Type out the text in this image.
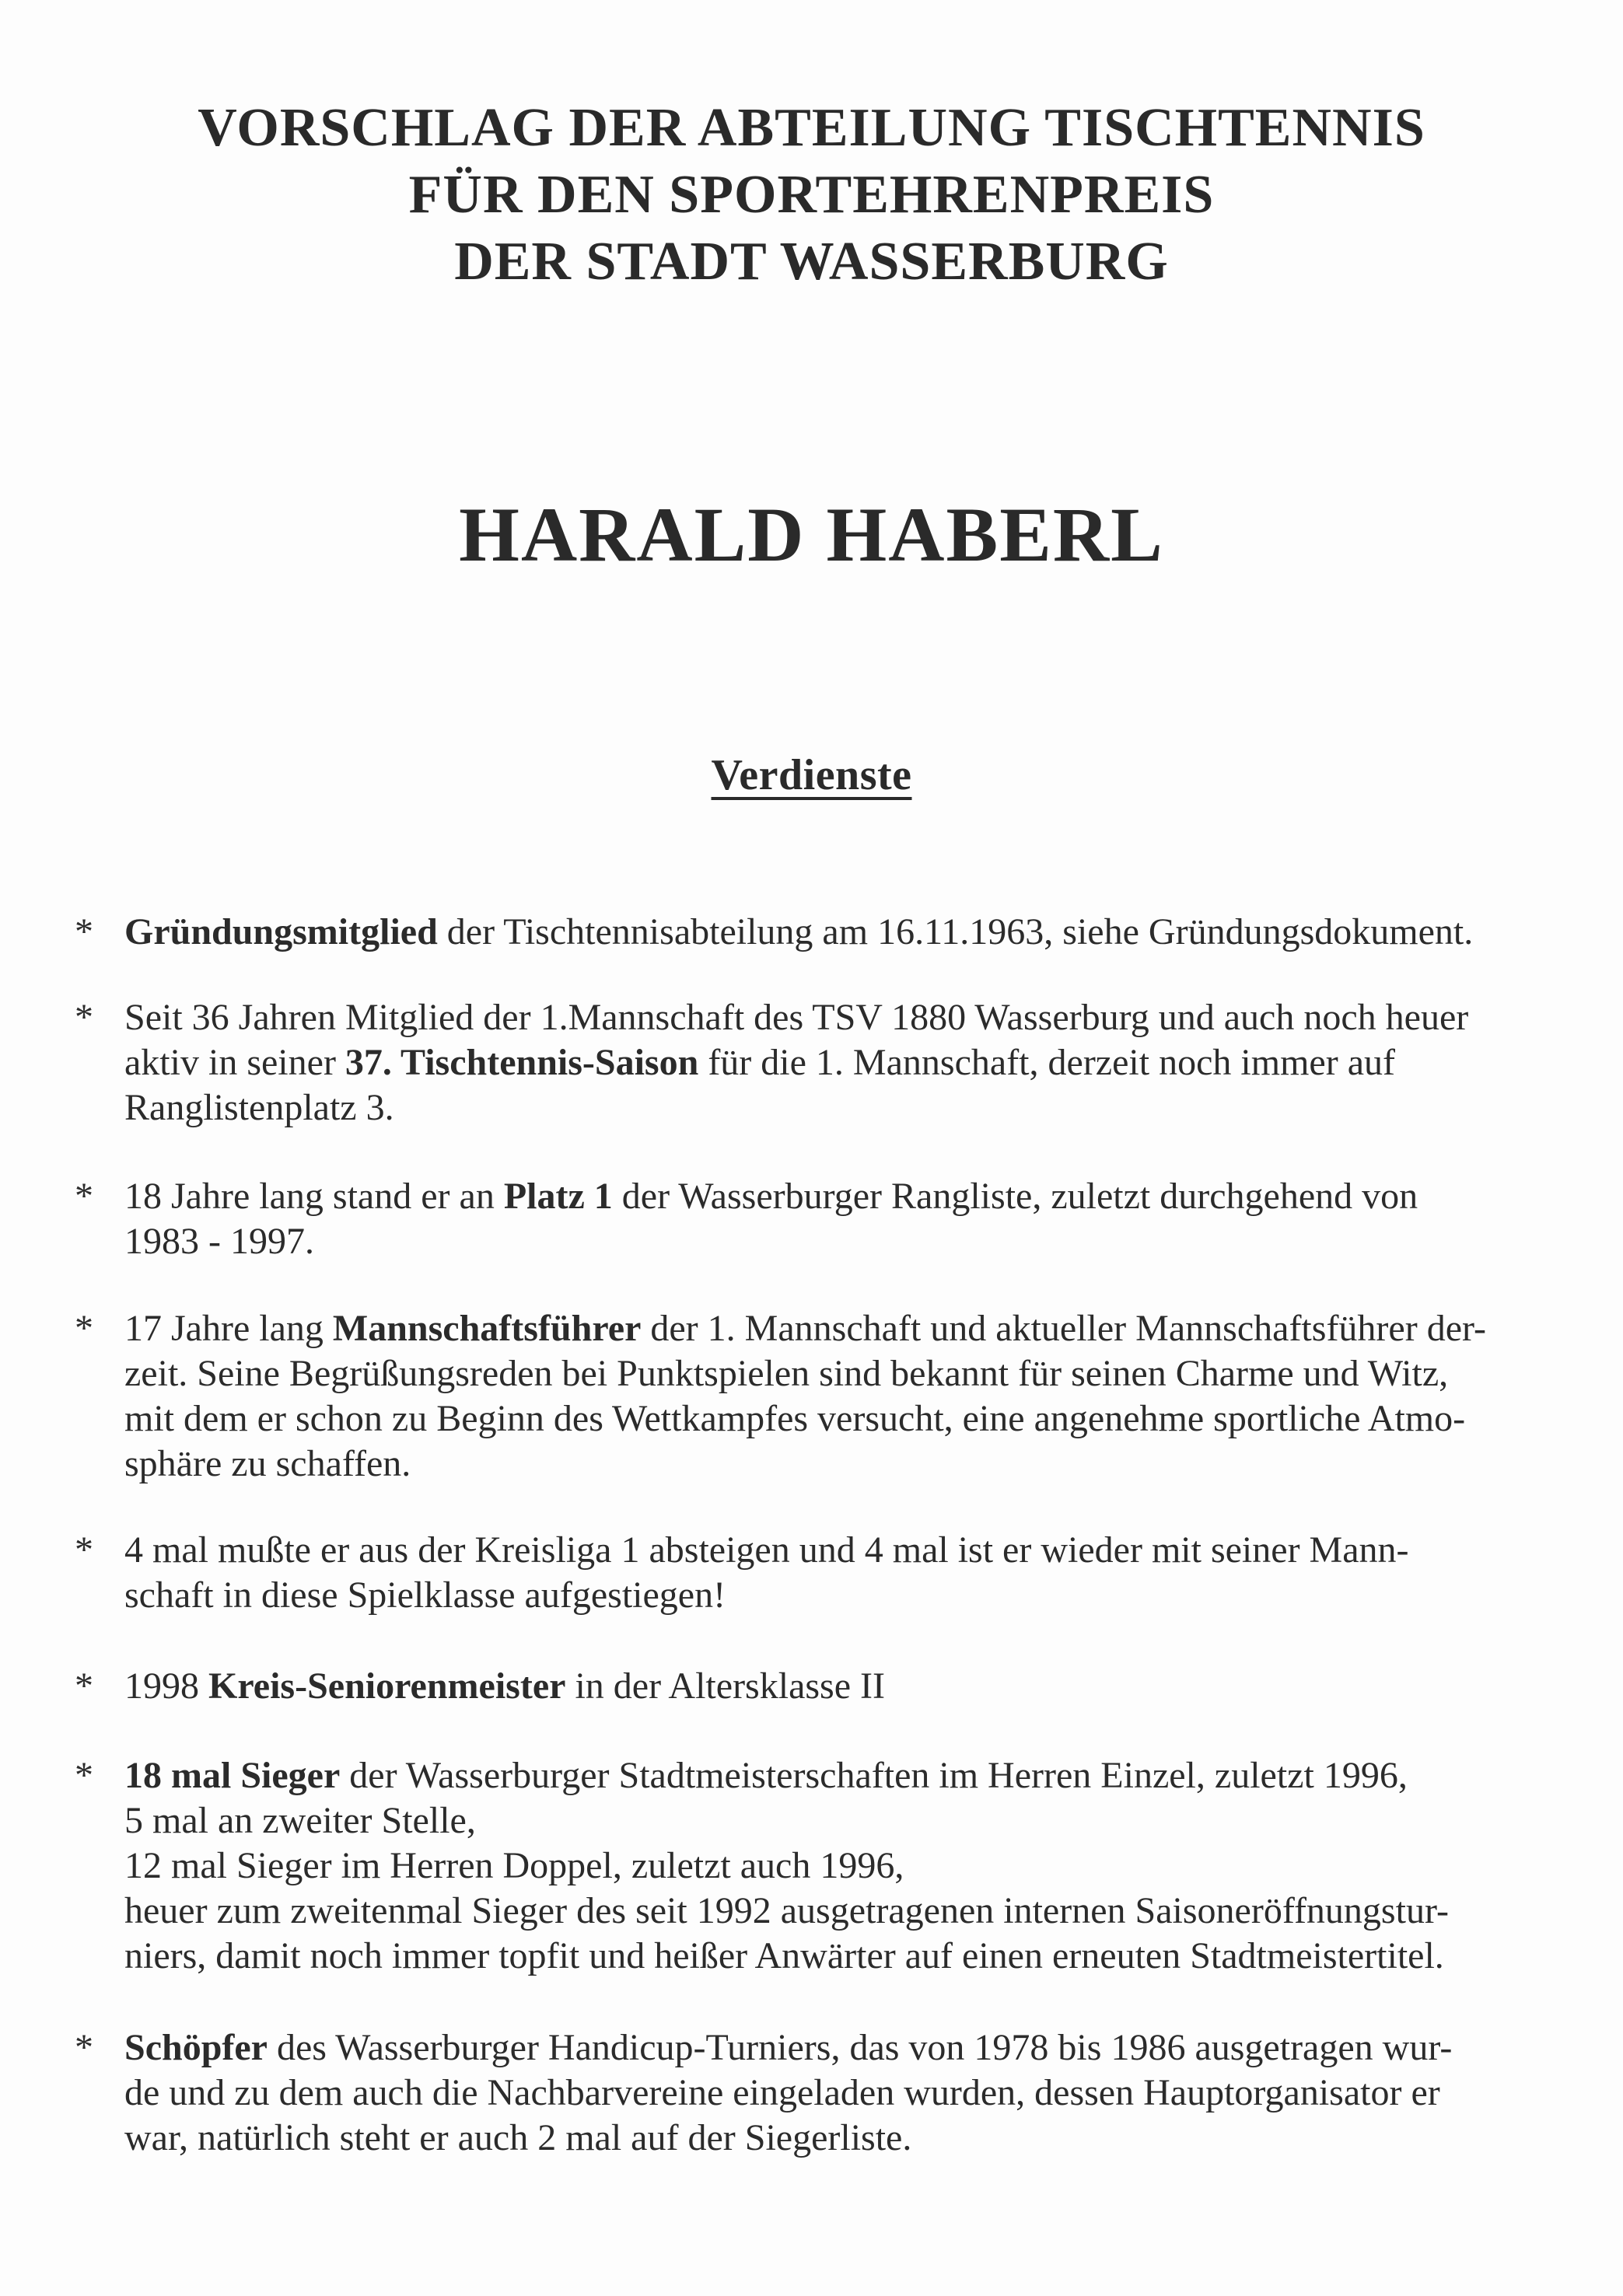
VORSCHLAG DER ABTEILUNG TISCHTENNIS
FÜR DEN SPORTEHRENPREIS
DER STADT WASSERBURG
HARALD HABERL
Verdienste
* Gründungsmitglied der Tischtennisabteilung am 16.11.1963, siehe Gründungsdokument.
* Seit 36 Jahren Mitglied der 1.Mannschaft des TSV 1880 Wasserburg und auch noch heuer
aktiv in seiner 37. Tischtennis-Saison für die 1. Mannschaft, derzeit noch immer auf
Ranglistenplatz 3.
* 18 Jahre lang stand er an Platz 1 der Wasserburger Rangliste, zuletzt durchgehend von
1983 - 1997.
* 17 Jahre lang Mannschaftsführer der 1. Mannschaft und aktueller Mannschaftsführer der-
zeit. Seine Begrüßungsreden bei Punktspielen sind bekannt für seinen Charme und Witz,
mit dem er schon zu Beginn des Wettkampfes versucht, eine angenehme sportliche Atmo-
sphäre zu schaffen.
* 4 mal mußte er aus der Kreisliga 1 absteigen und 4 mal ist er wieder mit seiner Mann-
schaft in diese Spielklasse aufgestiegen!
* 1998 Kreis-Seniorenmeister in der Altersklasse II
* 18 mal Sieger der Wasserburger Stadtmeisterschaften im Herren Einzel, zuletzt 1996,
5 mal an zweiter Stelle,
12 mal Sieger im Herren Doppel, zuletzt auch 1996,
heuer zum zweitenmal Sieger des seit 1992 ausgetragenen internen Saisoneröffnungstur-
niers, damit noch immer topfit und heißer Anwärter auf einen erneuten Stadtmeistertitel.
* Schöpfer des Wasserburger Handicup-Turniers, das von 1978 bis 1986 ausgetragen wur-
de und zu dem auch die Nachbarvereine eingeladen wurden, dessen Hauptorganisator er
war, natürlich steht er auch 2 mal auf der Siegerliste.
